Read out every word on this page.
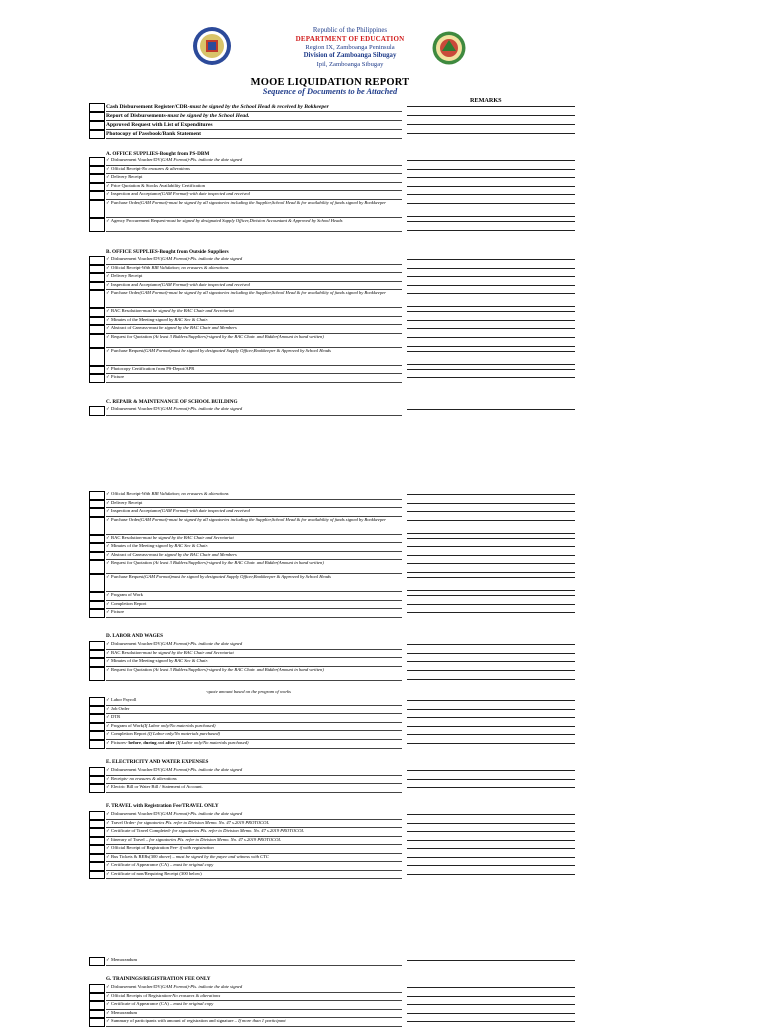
Republic of the Philippines
DEPARTMENT OF EDUCATION
Region IX, Zamboanga Peninsula
Division of Zamboanga Sibugay
Ipil, Zamboanga Sibugay
MOOE LIQUIDATION REPORT
Sequence of Documents to be Attached
REMARKS
Cash Disbursement Register/CDR-must be signed by the School Head & received by Bokkeeper
Report of Disbursements-must be signed by the School Head.
Approved Request with List of Expenditures
Photocopy of Passbook/Bank Statement
A. OFFICE SUPPLIES-Bought from PS-DBM
✓ Disbursement Voucher/DV(GAM Format)-Pls. indicate the date signed
✓ Official Receipt-No erasures & alterations
✓ Delivery Receipt
✓ Price Quotation & Stocks Availability Certification
✓ Inspection and Acceptance(GAM Format)-with date inspected and received
✓ Purchase Order(GAM Format)-must be signed by all signatories including the Supplier,School Head & for availability of funds signed by Bookkeeper
✓ Agency Procurement Request-must be signed by designated Supply Officer,Division Accountant & Approved by School Heads
B. OFFICE SUPPLIES-Bought from Outside Suppliers
✓ Disbursement Voucher/DV(GAM Format)-Pls. indicate the date signed
✓ Official Receipt-With BIR Validation; no erasures & alterations
✓ Delivery Receipt
✓ Inspection and Acceptance(GAM Format)-with date inspected and received
✓ Purchase Order(GAM Format)-must be signed by all signatories including the Supplier,School Head & for availability of funds signed by Bookkeeper
✓ BAC Resolution-must be signed by the BAC Chair and Secretariat
✓ Minutes of the Meeting-signed by BAC Sec & Chair.
✓ Abstract of Canvass-must be signed by the BAC Chair and Members
✓ Request for Quotation (At least 3 Bidders/Suppliers)-signed by the BAC Chair. and Bidder(Amount in hand written)
✓ Purchase Request(GAM Format)must be signed by designated Supply Officer,Bookkeeper & Approved by School Heads
✓ Photocopy Certification from PS-Depot/APR
✓ Picture
C. REPAIR & MAINTENANCE OF SCHOOL BUILDING
✓ Disbursement Voucher/DV(GAM Format)-Pls. indicate the date signed
✓ Official Receipt-With BIR Validation; no erasures & alterations
✓ Delivery Receipt
✓ Inspection and Acceptance(GAM Format)-with date inspected and received
✓ Purchase Order(GAM Format)-must be signed by all signatories including the Supplier,School Head & for availability of funds signed by Bookkeeper
✓ BAC Resolution-must be signed by the BAC Chair and Secretariat
✓ Minutes of the Meeting-signed by BAC Sec & Chair.
✓ Abstract of Canvass-must be signed by the BAC Chair and Members
✓ Request for Quotation (At least 3 Bidders/Suppliers)-signed by the BAC Chair. and Bidder(Amount in hand written)
✓ Purchase Request(GAM Format)must be signed by designated Supply Officer,Bookkeeper & Approved by School Heads
✓ Program of Work
✓ Completion Report
✓ Picture
D. LABOR AND WAGES
✓ Disbursement Voucher/DV(GAM Format)-Pls. indicate the date signed
✓ BAC Resolution-must be signed by the BAC Chair and Secretariat
✓ Minutes of the Meeting-signed by BAC Sec & Chair.
✓ Request for Quotation (At least 3 Bidders/Suppliers)-signed by the BAC Chair. and Bidder(Amount in hand written)
-quote amount based on the program of works
✓ Labor Payroll
✓ Job Order
✓ DTR
✓ Program of Work(If Labor only/No materials purchased)
✓ Completion Report (If Labor only/No materials purchased)
✓ Pictures- before, during and after (If Labor only/No materials purchased)
E. ELECTRICITY AND WATER EXPENSES
✓ Disbursement Voucher/DV(GAM Format)-Pls. indicate the date signed
✓ Receipts- no erasures & alterations
✓ Electric Bill or Water Bill / Statement of Account.
F. TRAVEL with Registration Fee/TRAVEL ONLY
✓ Disbursement Voucher/DV(GAM Format)-Pls. indicate the date signed
✓ Travel Order- for signatories Pls. refer to Division Memo. No. 47 s.2019 PROTOCOL
✓ Certificate of Travel Completed- for signatories Pls. refer to Division Memo. No. 47 s.2019 PROTOCOL
✓ Itinerary of Travel – for signatories Pls. refer to Division Memo. No. 47 s.2019 PROTOCOL
✓ Official Receipt of Registration Fee- if with registration
✓ Bus Tickets & RERs(300 above) – must be signed by the payee and witness with CTC
✓ Certificate of Appearance (CA) – must be original copy
✓ Certificate of non/Requiring Receipt (300 below)
✓ Memorandum
G. TRAININGS/REGISTRATION FEE ONLY
✓ Disbursement Voucher/DV(GAM Format)-Pls. indicate the date signed
✓ Official Receipts of Registration-No erasures & alterations
✓ Certificate of Appearance (CA) – must be original copy
✓ Memorandum
✓ Summary of participants with amount of registration and signature – If more than 1 participant
